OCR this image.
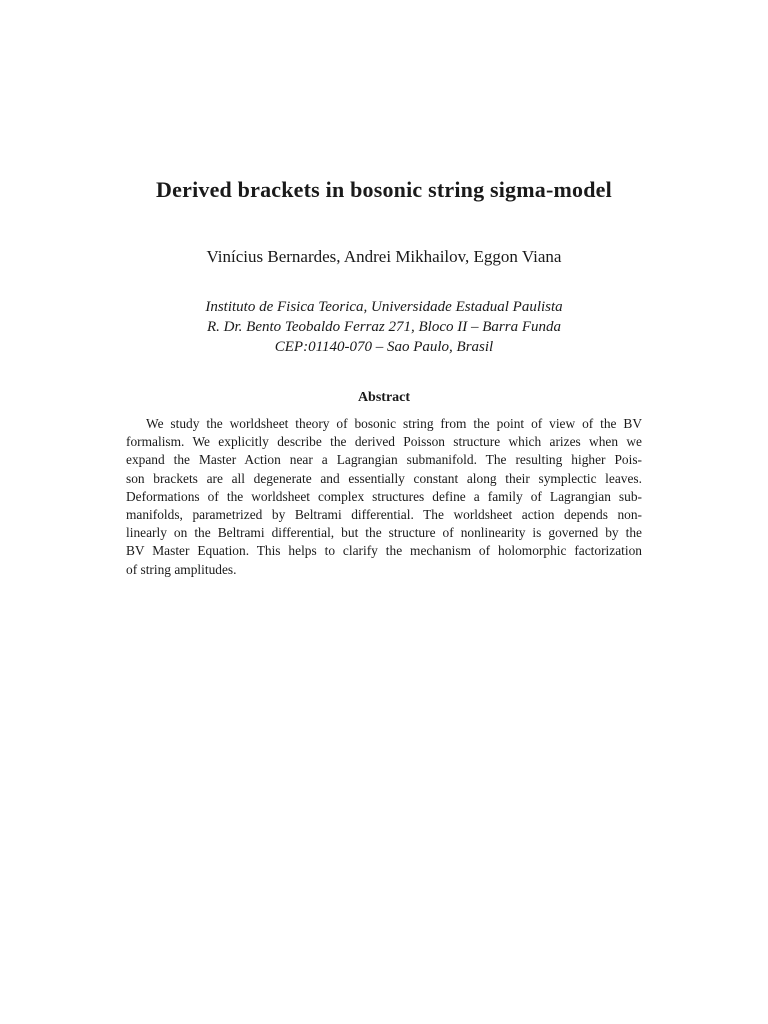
Derived brackets in bosonic string sigma-model
Vinícius Bernardes, Andrei Mikhailov, Eggon Viana
Instituto de Fisica Teorica, Universidade Estadual Paulista
R. Dr. Bento Teobaldo Ferraz 271, Bloco II – Barra Funda
CEP:01140-070 – Sao Paulo, Brasil
Abstract
We study the worldsheet theory of bosonic string from the point of view of the BV
formalism. We explicitly describe the derived Poisson structure which arizes when we
expand the Master Action near a Lagrangian submanifold. The resulting higher Pois-
son brackets are all degenerate and essentially constant along their symplectic leaves.
Deformations of the worldsheet complex structures define a family of Lagrangian sub-
manifolds, parametrized by Beltrami differential. The worldsheet action depends non-
linearly on the Beltrami differential, but the structure of nonlinearity is governed by the
BV Master Equation. This helps to clarify the mechanism of holomorphic factorization
of string amplitudes.
